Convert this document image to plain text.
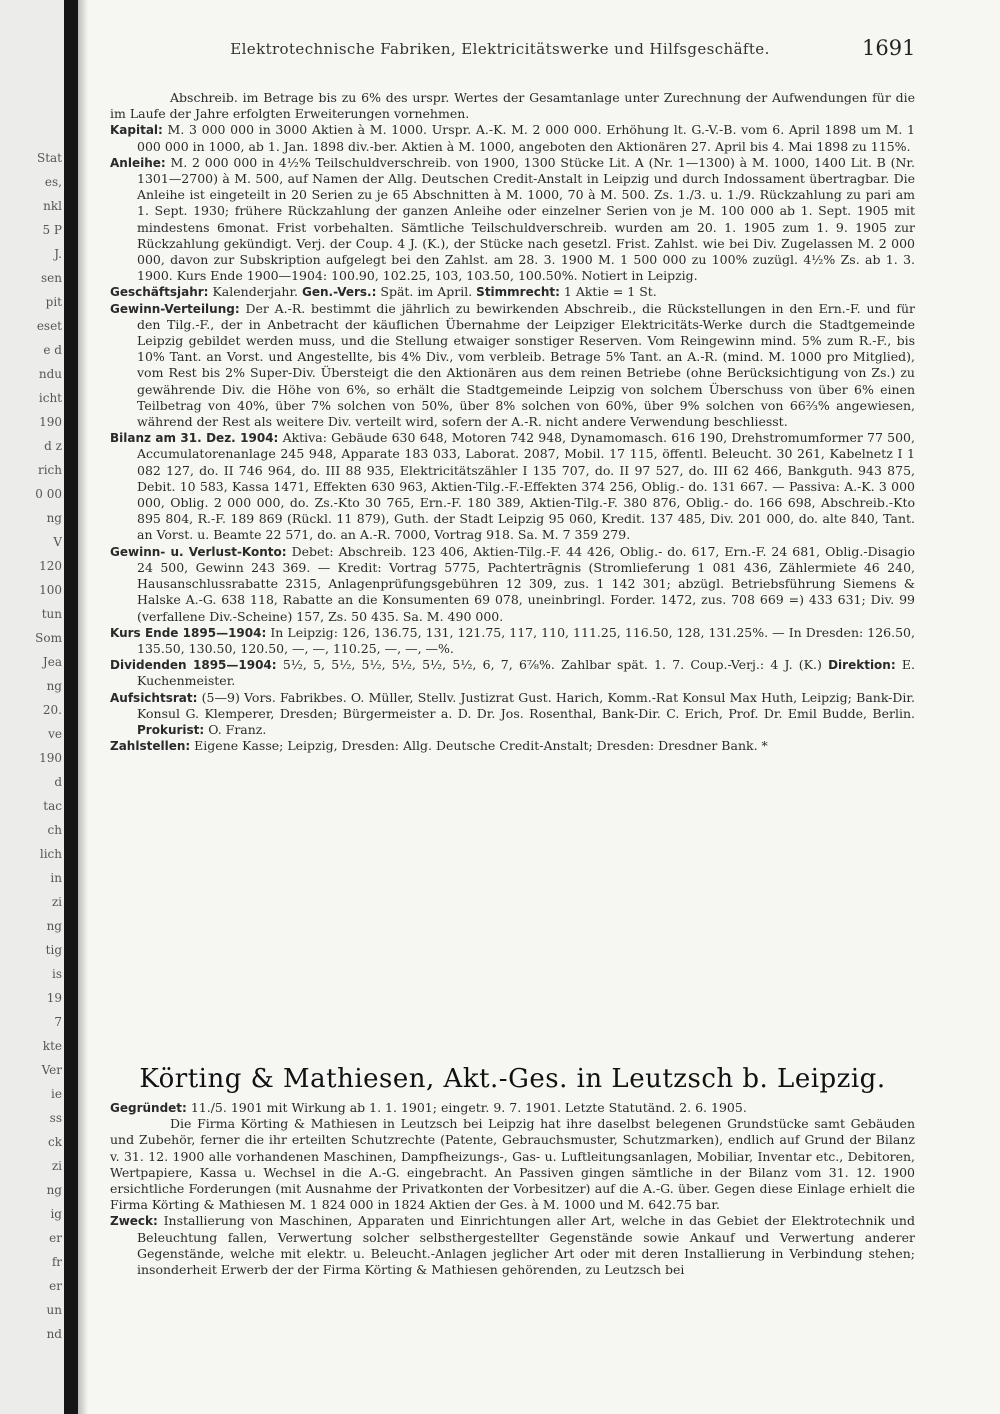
Stat
es,
nkl
5 P
J.
sen
pit
eset
e d
ndu
icht
190
d z
rich
0 00
ng
V
120
100
tun
Som
Jea
ng
20.
ve
190
d
tac
ch
lich
in
zi
ng
tig
is
19
7
kte
Ver
ie
ss
ck
zi
ng
ig
er
fr
er
un
nd
Elektrotechnische Fabriken, Elektricitätswerke und Hilfsgeschäfte.	1691

Abschreib. im Betrage bis zu 6% des urspr. Wertes der Gesamtanlage unter Zurechnung der Aufwendungen für die im Laufe der Jahre erfolgten Erweiterungen vornehmen.

Kapital: M. 3 000 000 in 3000 Aktien à M. 1000. Urspr. A.-K. M. 2 000 000. Erhöhung lt. G.-V.-B. vom 6. April 1898 um M. 1 000 000 in 1000, ab 1. Jan. 1898 div.-ber. Aktien à M. 1000, angeboten den Aktionären 27. April bis 4. Mai 1898 zu 115%.

Anleihe: M. 2 000 000 in 4½% Teilschuldverschreib. von 1900, 1300 Stücke Lit. A (Nr. 1—1300) à M. 1000, 1400 Lit. B (Nr. 1301—2700) à M. 500, auf Namen der Allg. Deutschen Credit-Anstalt in Leipzig und durch Indossament übertragbar. Die Anleihe ist eingeteilt in 20 Serien zu je 65 Abschnitten à M. 1000, 70 à M. 500. Zs. 1./3. u. 1./9. Rückzahlung zu pari am 1. Sept. 1930; frühere Rückzahlung der ganzen Anleihe oder einzelner Serien von je M. 100 000 ab 1. Sept. 1905 mit mindestens 6monat. Frist vorbehalten. Sämtliche Teilschuldverschreib. wurden am 20. 1. 1905 zum 1. 9. 1905 zur Rückzahlung gekündigt. Verj. der Coup. 4 J. (K.), der Stücke nach gesetzl. Frist. Zahlst. wie bei Div. Zugelassen M. 2 000 000, davon zur Subskription aufgelegt bei den Zahlst. am 28. 3. 1900 M. 1 500 000 zu 100% zuzügl. 4½% Zs. ab 1. 3. 1900. Kurs Ende 1900—1904: 100.90, 102.25, 103, 103.50, 100.50%. Notiert in Leipzig.

Geschäftsjahr: Kalenderjahr. Gen.-Vers.: Spät. im April. Stimmrecht: 1 Aktie = 1 St.

Gewinn-Verteilung: Der A.-R. bestimmt die jährlich zu bewirkenden Abschreib., die Rückstellungen in den Ern.-F. und für den Tilg.-F., der in Anbetracht der käuflichen Übernahme der Leipziger Elektricitäts-Werke durch die Stadtgemeinde Leipzig gebildet werden muss, und die Stellung etwaiger sonstiger Reserven. Vom Reingewinn mind. 5% zum R.-F., bis 10% Tant. an Vorst. und Angestellte, bis 4% Div., vom verbleib. Betrage 5% Tant. an A.-R. (mind. M. 1000 pro Mitglied), vom Rest bis 2% Super-Div. Übersteigt die den Aktionären aus dem reinen Betriebe (ohne Berücksichtigung von Zs.) zu gewährende Div. die Höhe von 6%, so erhält die Stadtgemeinde Leipzig von solchem Überschuss von über 6% einen Teilbetrag von 40%, über 7% solchen von 50%, über 8% solchen von 60%, über 9% solchen von 66⅔% angewiesen, während der Rest als weitere Div. verteilt wird, sofern der A.-R. nicht andere Verwendung beschliesst.

Bilanz am 31. Dez. 1904: Aktiva: Gebäude 630 648, Motoren 742 948, Dynamomasch. 616 190, Drehstromumformer 77 500, Accumulatorenanlage 245 948, Apparate 183 033, Laborat. 2087, Mobil. 17 115, öffentl. Beleucht. 30 261, Kabelnetz I 1 082 127, do. II 746 964, do. III 88 935, Elektricitätszähler I 135 707, do. II 97 527, do. III 62 466, Bankguth. 943 875, Debit. 10 583, Kassa 1471, Effekten 630 963, Aktien-Tilg.-F.-Effekten 374 256, Oblig.- do. 131 667. — Passiva: A.-K. 3 000 000, Oblig. 2 000 000, do. Zs.-Kto 30 765, Ern.-F. 180 389, Aktien-Tilg.-F. 380 876, Oblig.- do. 166 698, Abschreib.-Kto 895 804, R.-F. 189 869 (Rückl. 11 879), Guth. der Stadt Leipzig 95 060, Kredit. 137 485, Div. 201 000, do. alte 840, Tant. an Vorst. u. Beamte 22 571, do. an A.-R. 7000, Vortrag 918. Sa. M. 7 359 279.

Gewinn- u. Verlust-Konto: Debet: Abschreib. 123 406, Aktien-Tilg.-F. 44 426, Oblig.- do. 617, Ern.-F. 24 681, Oblig.-Disagio 24 500, Gewinn 243 369. — Kredit: Vortrag 5775, Pachtertrāgnis (Stromlieferung 1 081 436, Zählermiete 46 240, Hausanschlussrabatte 2315, Anlagenprüfungsgebühren 12 309, zus. 1 142 301; abzügl. Betriebsführung Siemens & Halske A.-G. 638 118, Rabatte an die Konsumenten 69 078, uneinbringl. Forder. 1472, zus. 708 669 =) 433 631; Div. 99 (verfallene Div.-Scheine) 157, Zs. 50 435. Sa. M. 490 000.

Kurs Ende 1895—1904: In Leipzig: 126, 136.75, 131, 121.75, 117, 110, 111.25, 116.50, 128, 131.25%. — In Dresden: 126.50, 135.50, 130.50, 120.50, —, —, 110.25, —, —, —%.

Dividenden 1895—1904: 5½, 5, 5½, 5½, 5½, 5½, 5½, 6, 7, 6⅞%. Zahlbar spät. 1. 7. Coup.-Verj.: 4 J. (K.) Direktion: E. Kuchenmeister.

Aufsichtsrat: (5—9) Vors. Fabrikbes. O. Müller, Stellv. Justizrat Gust. Harich, Komm.-Rat Konsul Max Huth, Leipzig; Bank-Dir. Konsul G. Klemperer, Dresden; Bürgermeister a. D. Dr. Jos. Rosenthal, Bank-Dir. C. Erich, Prof. Dr. Emil Budde, Berlin. Prokurist: O. Franz.

Zahlstellen: Eigene Kasse; Leipzig, Dresden: Allg. Deutsche Credit-Anstalt; Dresden: Dresdner Bank. *

Körting & Mathiesen, Akt.-Ges. in Leutzsch b. Leipzig.

Gegründet: 11./5. 1901 mit Wirkung ab 1. 1. 1901; eingetr. 9. 7. 1901. Letzte Statutänd. 2. 6. 1905.

Die Firma Körting & Mathiesen in Leutzsch bei Leipzig hat ihre daselbst belegenen Grundstücke samt Gebäuden und Zubehör, ferner die ihr erteilten Schutzrechte (Patente, Gebrauchsmuster, Schutzmarken), endlich auf Grund der Bilanz v. 31. 12. 1900 alle vorhandenen Maschinen, Dampfheizungs-, Gas- u. Luftleitungsanlagen, Mobiliar, Inventar etc., Debitoren, Wertpapiere, Kassa u. Wechsel in die A.-G. eingebracht. An Passiven gingen sämtliche in der Bilanz vom 31. 12. 1900 ersichtliche Forderungen (mit Ausnahme der Privatkonten der Vorbesitzer) auf die A.-G. über. Gegen diese Einlage erhielt die Firma Körting & Mathiesen M. 1 824 000 in 1824 Aktien der Ges. à M. 1000 und M. 642.75 bar.

Zweck: Installierung von Maschinen, Apparaten und Einrichtungen aller Art, welche in das Gebiet der Elektrotechnik und Beleuchtung fallen, Verwertung solcher selbsthergestellter Gegenstände sowie Ankauf und Verwertung anderer Gegenstände, welche mit elektr. u. Beleucht.-Anlagen jeglicher Art oder mit deren Installierung in Verbindung stehen; insonderheit Erwerb der der Firma Körting & Mathiesen gehörenden, zu Leutzsch bei
